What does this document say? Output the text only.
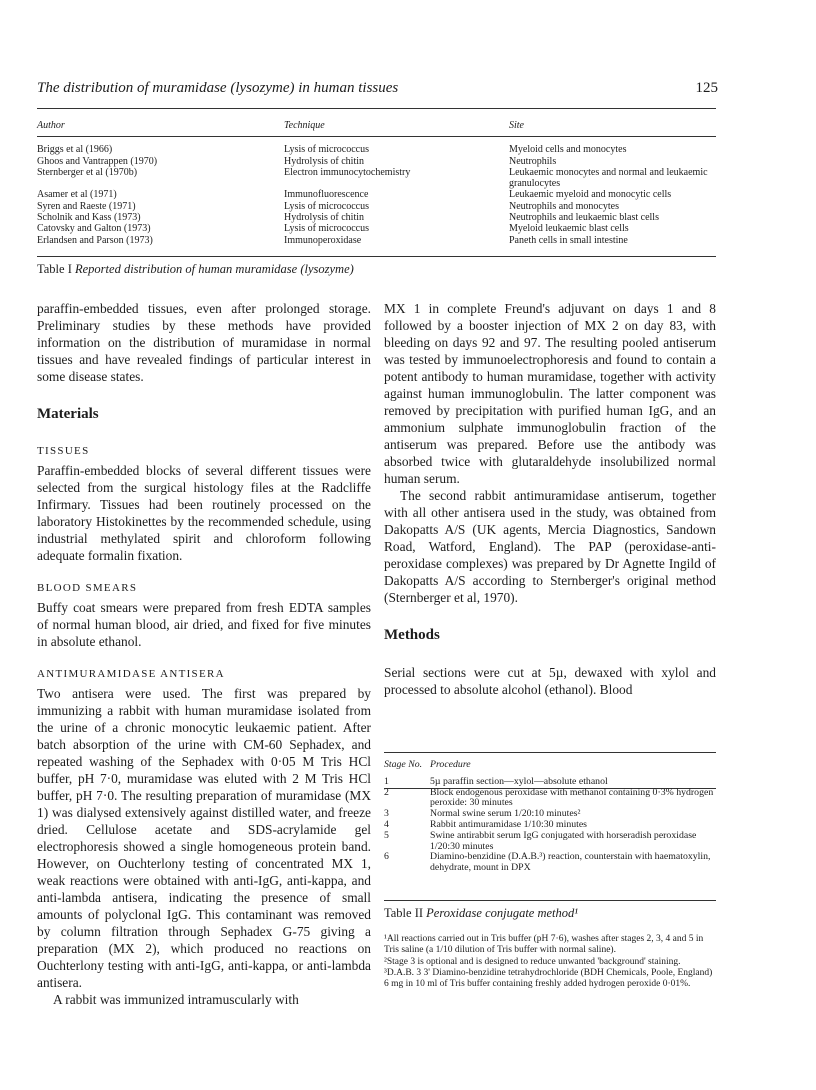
The distribution of muramidase (lysozyme) in human tissues	125
Author	Technique	Site
Briggs et al (1966)	Lysis of micrococcus	Myeloid cells and monocytes
Ghoos and Vantrappen (1970)	Hydrolysis of chitin	Neutrophils
Sternberger et al (1970b)	Electron immunocytochemistry	Leukaemic monocytes and normal and leukaemic granulocytes
Asamer et al (1971)	Immunofluorescence	Leukaemic myeloid and monocytic cells
Syren and Raeste (1971)	Lysis of micrococcus	Neutrophils and monocytes
Scholnik and Kass (1973)	Hydrolysis of chitin	Neutrophils and leukaemic blast cells
Catovsky and Galton (1973)	Lysis of micrococcus	Myeloid leukaemic blast cells
Erlandsen and Parson (1973)	Immunoperoxidase	Paneth cells in small intestine
Table I Reported distribution of human muramidase (lysozyme)

paraffin-embedded tissues, even after prolonged storage. Preliminary studies by these methods have provided information on the distribution of muramidase in normal tissues and have revealed findings of particular interest in some disease states.

Materials
TISSUES

Paraffin-embedded blocks of several different tissues were selected from the surgical histology files at the Radcliffe Infirmary. Tissues had been routinely processed on the laboratory Histokinettes by the recommended schedule, using industrial methylated spirit and chloroform following adequate formalin fixation.

BLOOD SMEARS

Buffy coat smears were prepared from fresh EDTA samples of normal human blood, air dried, and fixed for five minutes in absolute ethanol.

ANTIMURAMIDASE ANTISERA

Two antisera were used. The first was prepared by immunizing a rabbit with human muramidase isolated from the urine of a chronic monocytic leukaemic patient. After batch absorption of the urine with CM-60 Sephadex, and repeated washing of the Sephadex with 0·05 M Tris HCl buffer, pH 7·0, muramidase was eluted with 2 M Tris HCl buffer, pH 7·0. The resulting preparation of muramidase (MX 1) was dialysed extensively against distilled water, and freeze dried. Cellulose acetate and SDS-acrylamide gel electrophoresis showed a single homogeneous protein band. However, on Ouchterlony testing of concentrated MX 1, weak reactions were obtained with anti-IgG, anti-kappa, and anti-lambda antisera, indicating the presence of small amounts of polyclonal IgG. This contaminant was removed by column filtration through Sephadex G-75 giving a preparation (MX 2), which produced no reactions on Ouchterlony testing with anti-IgG, anti-kappa, or anti-lambda antisera.

A rabbit was immunized intramuscularly with

MX 1 in complete Freund's adjuvant on days 1 and 8 followed by a booster injection of MX 2 on day 83, with bleeding on days 92 and 97. The resulting pooled antiserum was tested by immunoelectrophoresis and found to contain a potent antibody to human muramidase, together with activity against human immunoglobulin. The latter component was removed by precipitation with purified human IgG, and an ammonium sulphate immunoglobulin fraction of the antiserum was prepared. Before use the antibody was absorbed twice with glutaraldehyde insolubilized normal human serum.

The second rabbit antimuramidase antiserum, together with all other antisera used in the study, was obtained from Dakopatts A/S (UK agents, Mercia Diagnostics, Sandown Road, Watford, England). The PAP (peroxidase-anti-peroxidase complexes) was prepared by Dr Agnette Ingild of Dakopatts A/S according to Sternberger's original method (Sternberger et al, 1970).

Methods

Serial sections were cut at 5µ, dewaxed with xylol and processed to absolute alcohol (ethanol). Blood

Stage No.	Procedure
1	5µ paraffin section—xylol—absolute ethanol
2	Block endogenous peroxidase with methanol containing 0·3% hydrogen peroxide: 30 minutes
3	Normal swine serum 1/20:10 minutes²
4	Rabbit antimuramidase 1/10:30 minutes
5	Swine antirabbit serum IgG conjugated with horseradish peroxidase 1/20:30 minutes
6	Diamino-benzidine (D.A.B.³) reaction, counterstain with haematoxylin, dehydrate, mount in DPX
Table II Peroxidase conjugate method¹

¹All reactions carried out in Tris buffer (pH 7·6), washes after stages 2, 3, 4 and 5 in Tris saline (a 1/10 dilution of Tris buffer with normal saline).

²Stage 3 is optional and is designed to reduce unwanted 'background' staining.

³D.A.B. 3 3' Diamino-benzidine tetrahydrochloride (BDH Chemicals, Poole, England) 6 mg in 10 ml of Tris buffer containing freshly added hydrogen peroxide 0·01%.
